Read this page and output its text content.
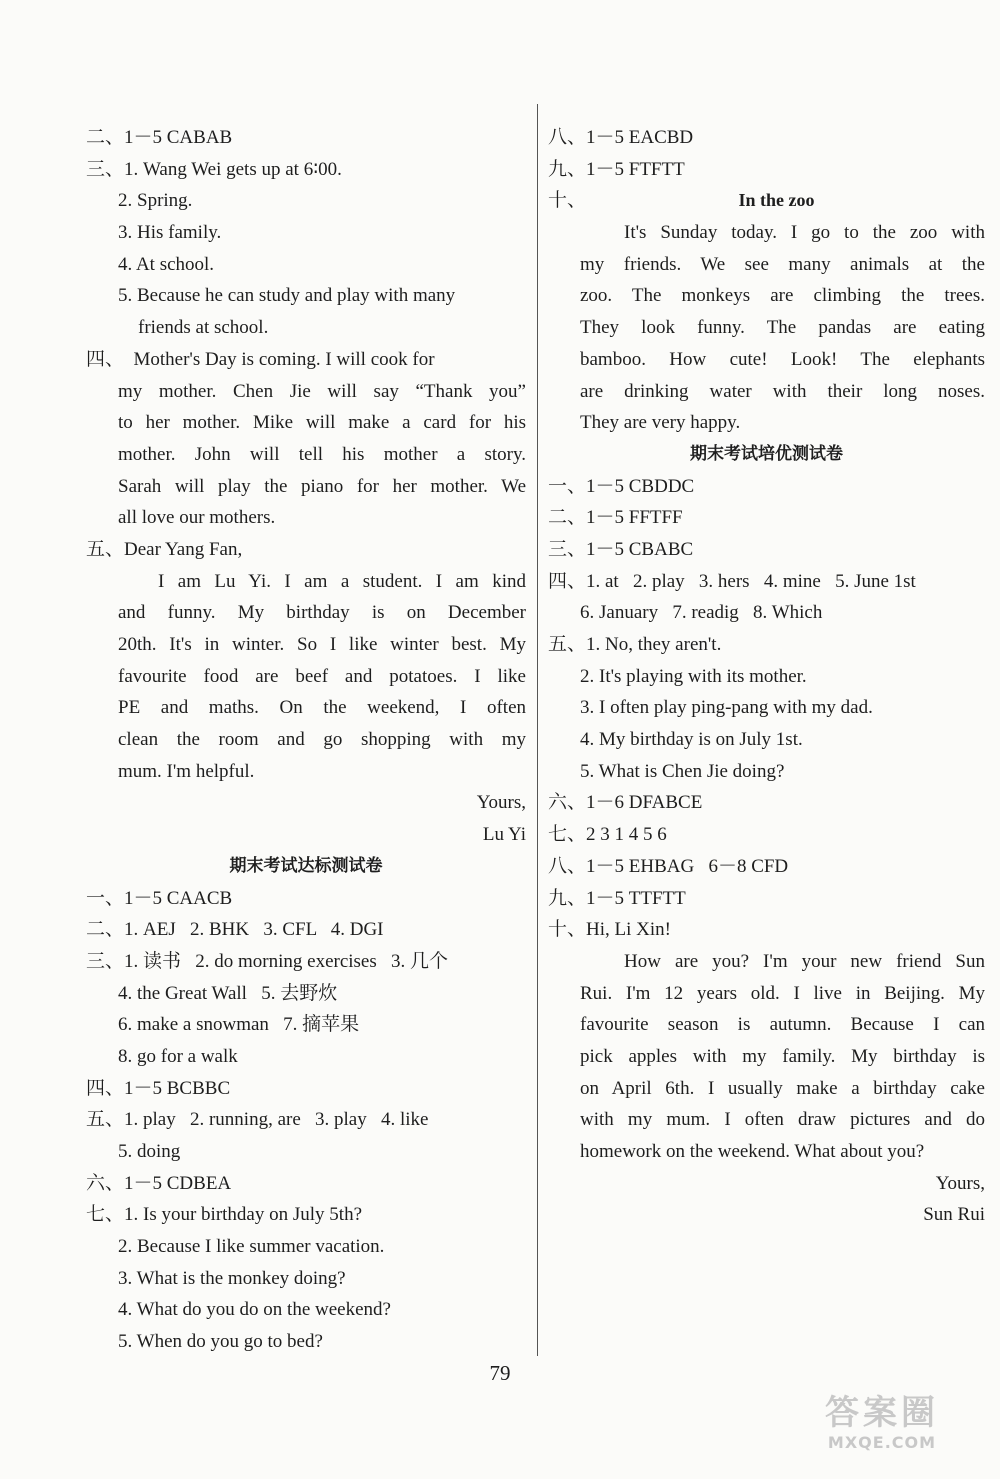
二、1－5 CABAB
三、1. Wang Wei gets up at 6∶00.
2. Spring.
3. His family.
4. At school.
5. Because he can study and play with many
friends at school.
四、  Mother's Day is coming. I will cook for
my mother. Chen Jie will say “Thank you”
to her mother. Mike will make a card for his
mother. John will tell his mother a story.
Sarah will play the piano for her mother. We
all love our mothers.
五、Dear Yang Fan,
I am Lu Yi. I am a student. I am kind
and funny. My birthday is on December
20th. It's in winter. So I like winter best. My
favourite food are beef and potatoes. I like
PE and maths. On the weekend, I often
clean the room and go shopping with my
mum. I'm helpful.
Yours,
Lu Yi
期末考试达标测试卷
一、1－5 CAACB
二、1. AEJ   2. BHK   3. CFL   4. DGI
三、1. 读书   2. do morning exercises   3. 几个
4. the Great Wall   5. 去野炊
6. make a snowman   7. 摘苹果
8. go for a walk
四、1－5 BCBBC
五、1. play   2. running, are   3. play   4. like
5. doing
六、1－5 CDBEA
七、1. Is your birthday on July 5th?
2. Because I like summer vacation.
3. What is the monkey doing?
4. What do you do on the weekend?
5. When do you go to bed?
八、1－5 EACBD
九、1－5 FTFTT
十、	In the zoo
It's Sunday today. I go to the zoo with
my friends. We see many animals at the
zoo. The monkeys are climbing the trees.
They look funny. The pandas are eating
bamboo. How cute! Look! The elephants
are drinking water with their long noses.
They are very happy.
期末考试培优测试卷
一、1－5 CBDDC
二、1－5 FFTFF
三、1－5 CBABC
四、1. at   2. play   3. hers   4. mine   5. June 1st
6. January   7. readig   8. Which
五、1. No, they aren't.
2. It's playing with its mother.
3. I often play ping-pang with my dad.
4. My birthday is on July 1st.
5. What is Chen Jie doing?
六、1－6 DFABCE
七、2 3 1 4 5 6
八、1－5 EHBAG   6－8 CFD
九、1－5 TTFTT
十、Hi, Li Xin!
How are you? I'm your new friend Sun
Rui. I'm 12 years old. I live in Beijing. My
favourite season is autumn. Because I can
pick apples with my family. My birthday is
on April 6th. I usually make a birthday cake
with my mum. I often draw pictures and do
homework on the weekend. What about you?
Yours,
Sun Rui
79
答案圈
MXQE.COM
